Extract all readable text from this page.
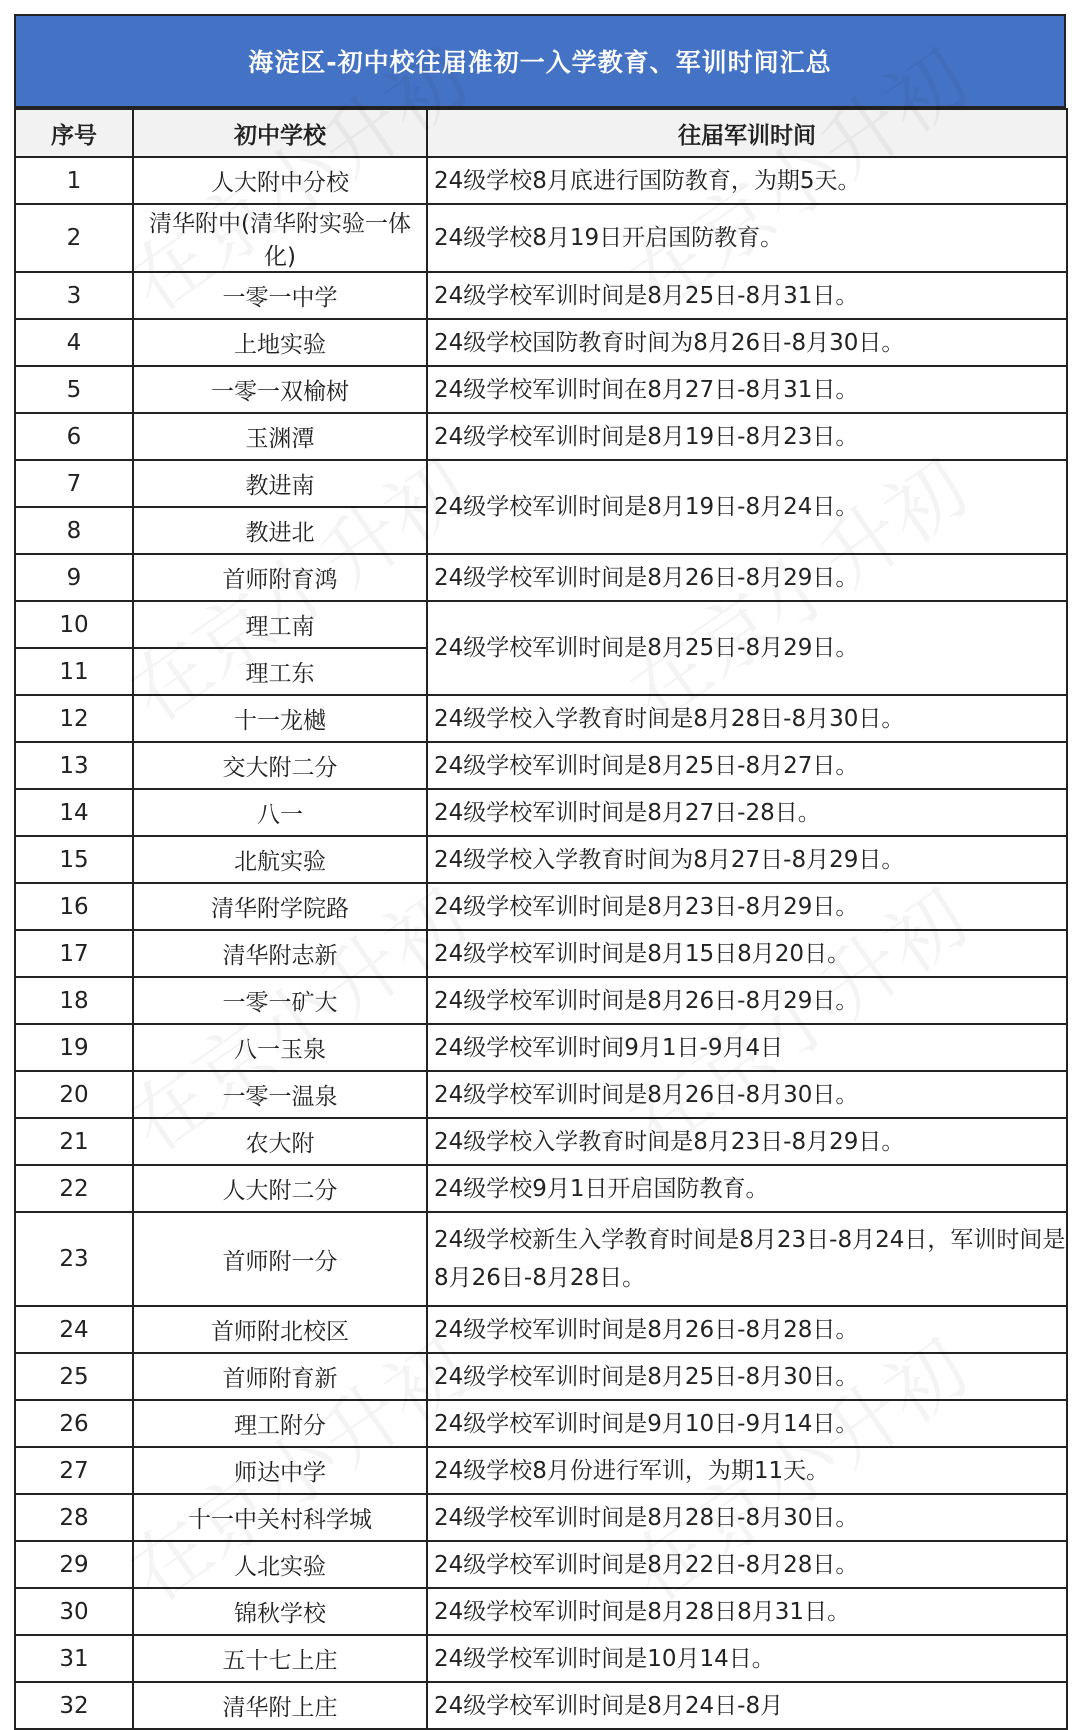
海淀区-初中校往届准初一入学教育、军训时间汇总
序号	初中学校	往届军训时间
1	人大附中分校	24级学校8月底进行国防教育，为期5天。
2	清华附中(清华附实验一体化)	24级学校8月19日开启国防教育。
3	一零一中学	24级学校军训时间是8月25日-8月31日。
4	上地实验	24级学校国防教育时间为8月26日-8月30日。
5	一零一双榆树	24级学校军训时间在8月27日-8月31日。
6	玉渊潭	24级学校军训时间是8月19日-8月23日。
7	教进南	24级学校军训时间是8月19日-8月24日。
8	教进北	
9	首师附育鸿	24级学校军训时间是8月26日-8月29日。
10	理工南	24级学校军训时间是8月25日-8月29日。
11	理工东	
12	十一龙樾	24级学校入学教育时间是8月28日-8月30日。
13	交大附二分	24级学校军训时间是8月25日-8月27日。
14	八一	24级学校军训时间是8月27日-28日。
15	北航实验	24级学校入学教育时间为8月27日-8月29日。
16	清华附学院路	24级学校军训时间是8月23日-8月29日。
17	清华附志新	24级学校军训时间是8月15日8月20日。
18	一零一矿大	24级学校军训时间是8月26日-8月29日。
19	八一玉泉	24级学校军训时间9月1日-9月4日
20	一零一温泉	24级学校军训时间是8月26日-8月30日。
21	农大附	24级学校入学教育时间是8月23日-8月29日。
22	人大附二分	24级学校9月1日开启国防教育。
23	首师附一分	24级学校新生入学教育时间是8月23日-8月24日，军训时间是8月26日-8月28日。
24	首师附北校区	24级学校军训时间是8月26日-8月28日。
25	首师附育新	24级学校军训时间是8月25日-8月30日。
26	理工附分	24级学校军训时间是9月10日-9月14日。
27	师达中学	24级学校8月份进行军训，为期11天。
28	十一中关村科学城	24级学校军训时间是8月28日-8月30日。
29	人北实验	24级学校军训时间是8月22日-8月28日。
30	锦秋学校	24级学校军训时间是8月28日8月31日。
31	五十七上庄	24级学校军训时间是10月14日。
32	清华附上庄	24级学校军训时间是8月24日-8月
